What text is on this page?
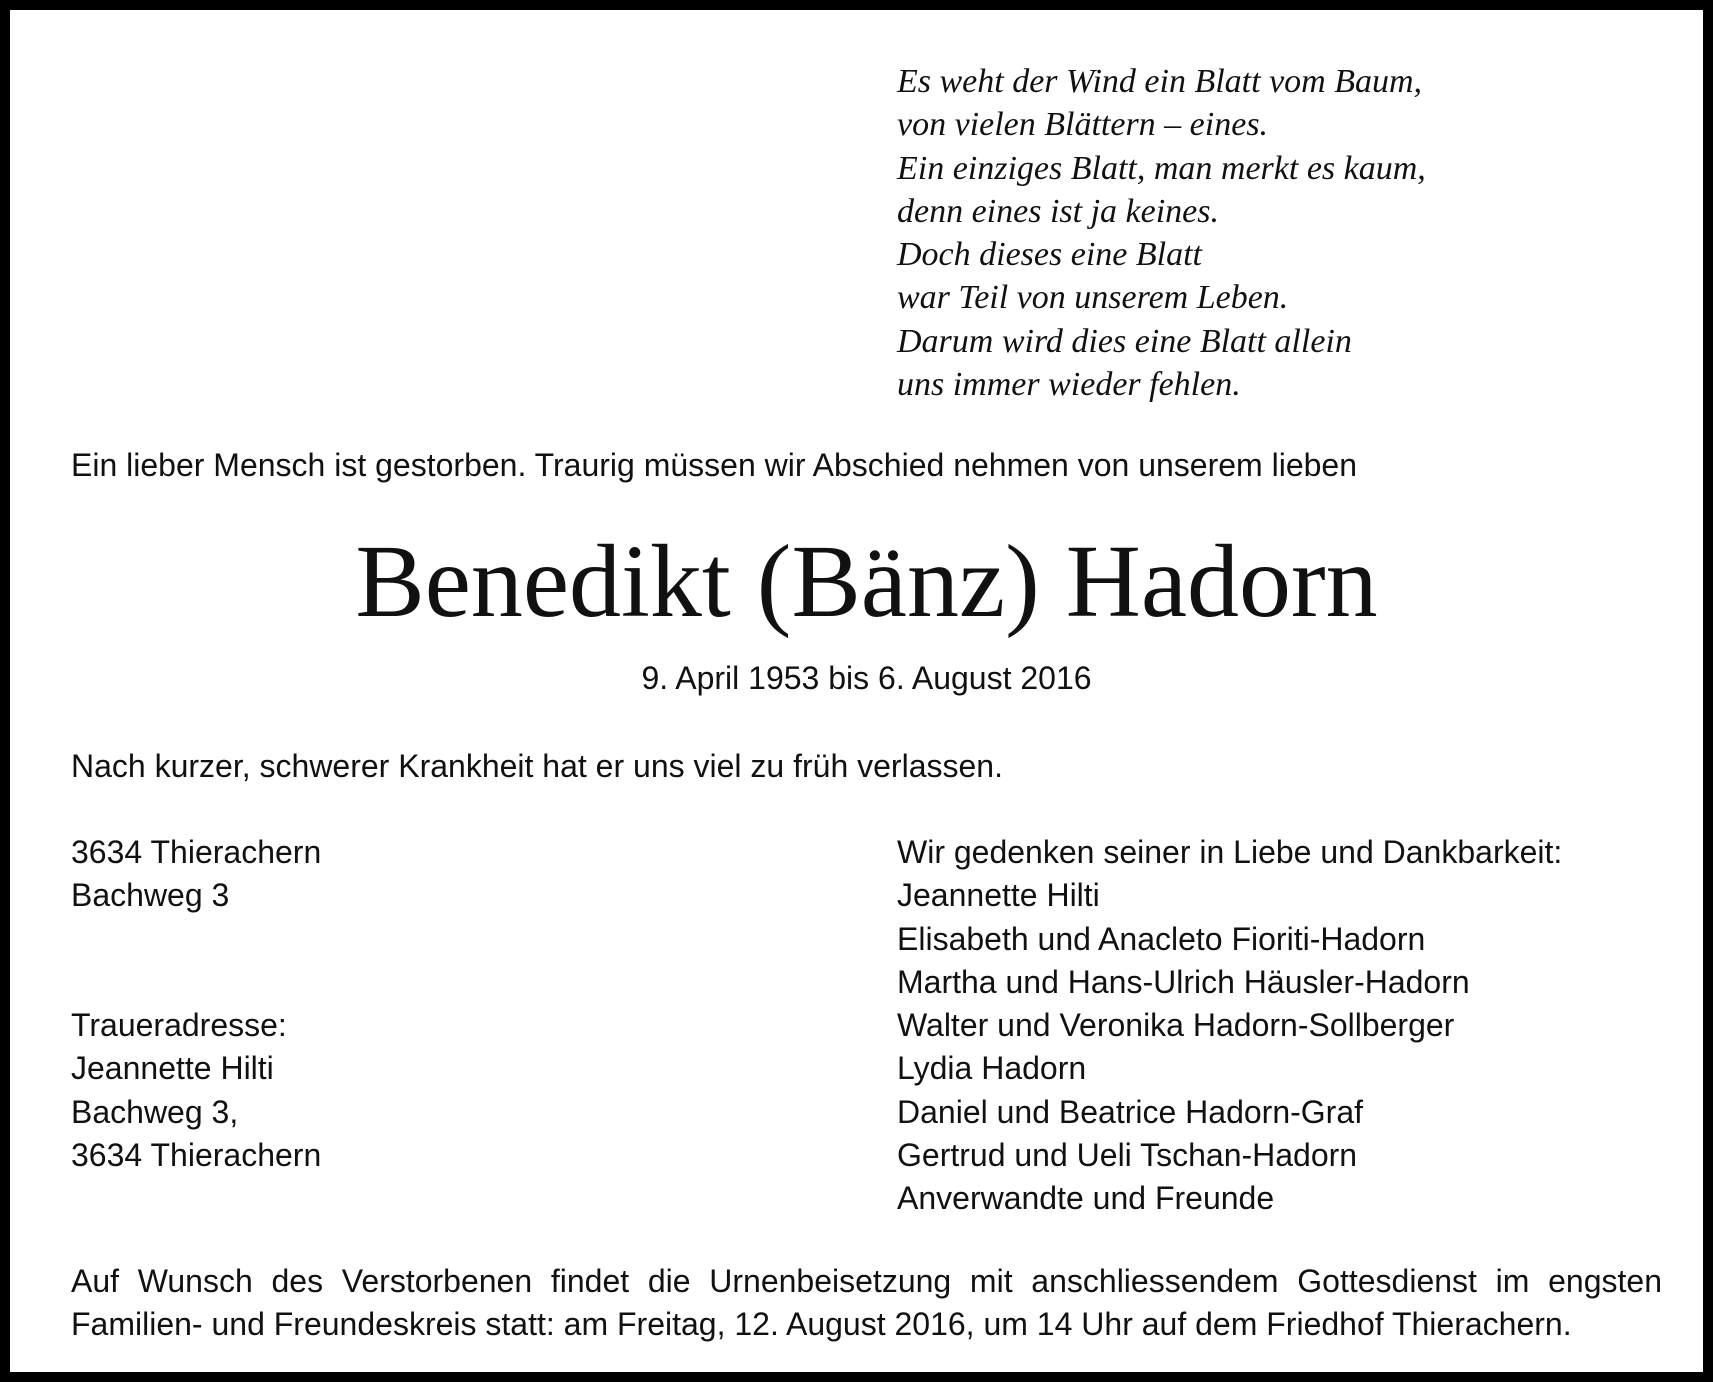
Es weht der Wind ein Blatt vom Baum,
von vielen Blättern – eines.
Ein einziges Blatt, man merkt es kaum,
denn eines ist ja keines.
Doch dieses eine Blatt
war Teil von unserem Leben.
Darum wird dies eine Blatt allein
uns immer wieder fehlen.
Ein lieber Mensch ist gestorben. Traurig müssen wir Abschied nehmen von unserem lieben
Benedikt (Bänz) Hadorn
9. April 1953 bis 6. August 2016
Nach kurzer, schwerer Krankheit hat er uns viel zu früh verlassen.
3634 Thierachern
Bachweg 3
Traueradresse:
Jeannette Hilti
Bachweg 3,
3634 Thierachern
Wir gedenken seiner in Liebe und Dankbarkeit:
Jeannette Hilti
Elisabeth und Anacleto Fioriti-Hadorn
Martha und Hans-Ulrich Häusler-Hadorn
Walter und Veronika Hadorn-Sollberger
Lydia Hadorn
Daniel und Beatrice Hadorn-Graf
Gertrud und Ueli Tschan-Hadorn
Anverwandte und Freunde
Auf Wunsch des Verstorbenen findet die Urnenbeisetzung mit anschliessendem Gottesdienst im engsten Familien- und Freundeskreis statt: am Freitag, 12. August 2016, um 14 Uhr auf dem Friedhof Thierachern.
